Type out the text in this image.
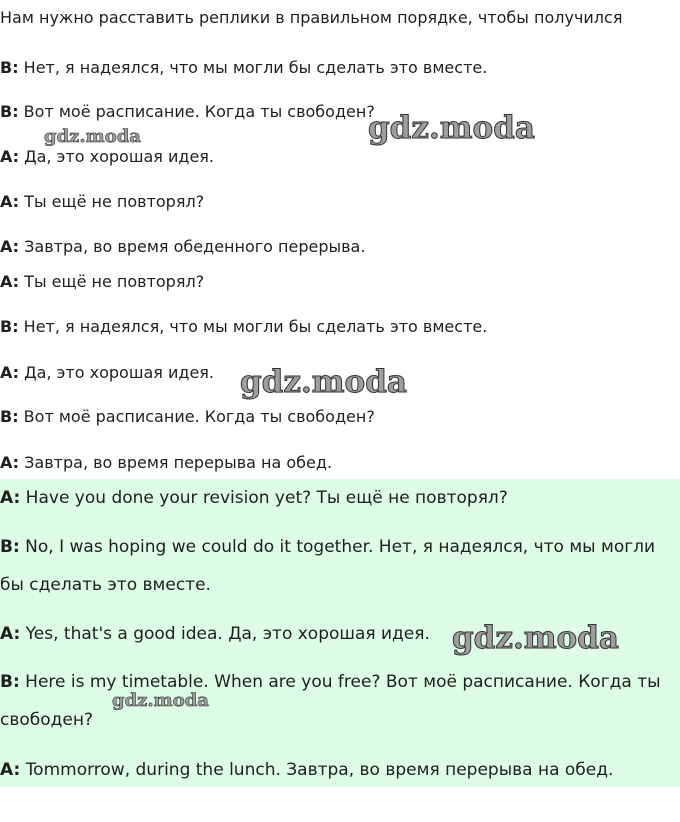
Нам нужно расставить реплики в правильном порядке, чтобы получился

B: Нет, я надеялся, что мы могли бы сделать это вместе.

B: Вот моё расписание. Когда ты свободен?

A: Да, это хорошая идея.

A: Ты ещё не повторял?

A: Завтра, во время обеденного перерыва.

A: Ты ещё не повторял?

B: Нет, я надеялся, что мы могли бы сделать это вместе.

A: Да, это хорошая идея.

B: Вот моё расписание. Когда ты свободен?

A: Завтра, во время перерыва на обед.

A: Have you done your revision yet? Ты ещё не повторял?

B: No, I was hoping we could do it together. Нет, я надеялся, что мы могли

бы сделать это вместе.

A: Yes, that's a good idea. Да, это хорошая идея.

B: Here is my timetable. When are you free? Вот моё расписание. Когда ты

свободен?

A: Tommorrow, during the lunch. Завтра, во время перерыва на обед.

gdz.moda
gdz.moda
gdz.moda
gdz.moda
gdz.moda
